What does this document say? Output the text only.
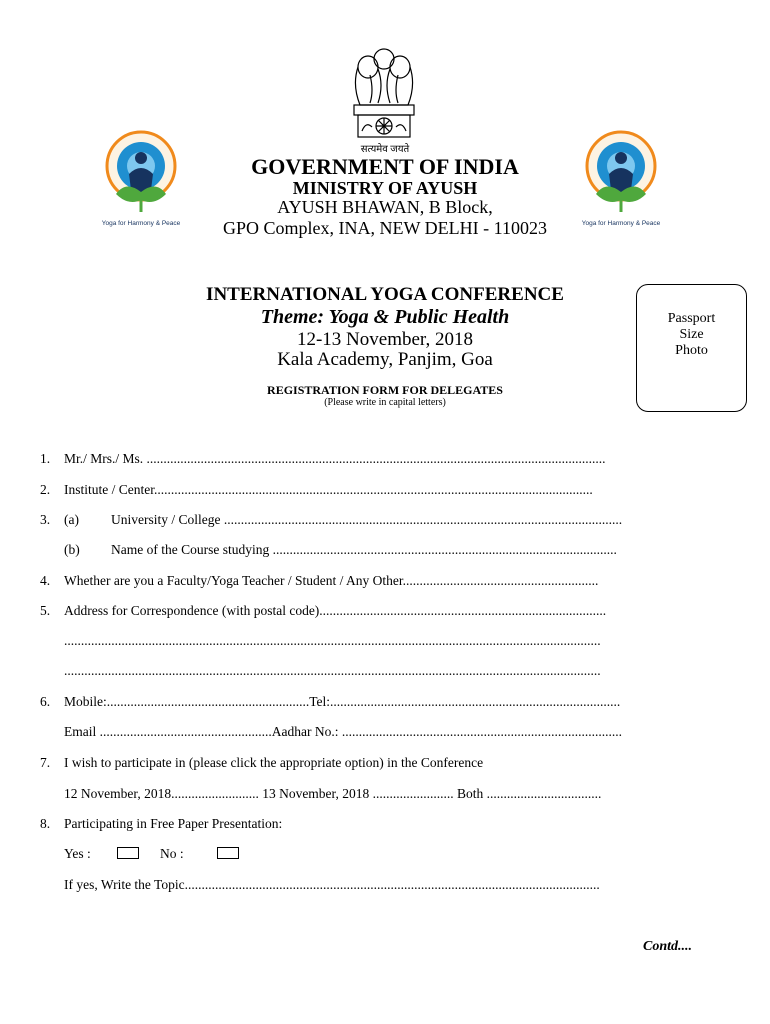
सत्यमेव जयते
Yoga for Harmony & Peace	Yoga for Harmony & Peace
GOVERNMENT OF INDIA
MINISTRY OF AYUSH
AYUSH BHAWAN, B Block,
GPO Complex, INA, NEW DELHI - 110023
INTERNATIONAL YOGA CONFERENCE
Theme: Yoga & Public Health
12-13 November, 2018
Kala Academy, Panjim, Goa
REGISTRATION FORM FOR DELEGATES
(Please write in capital letters)
Passport
Size
Photo
1. Mr./ Mrs./ Ms. ........................................................................................................................................
2. Institute / Center..................................................................................................................................
3. (a) University / College ......................................................................................................................
(b) Name of the Course studying ......................................................................................................
4. Whether are you a Faculty/Yoga Teacher / Student / Any Other..........................................................
5. Address for Correspondence (with postal code).....................................................................................
...............................................................................................................................................................
...............................................................................................................................................................
6. Mobile:............................................................Tel:......................................................................................
Email ...................................................Aadhar No.: ...................................................................................
7. I wish to participate in (please click the appropriate option) in the Conference
12 November, 2018.......................... 13 November, 2018 ........................ Both ..................................
8. Participating in Free Paper Presentation:
Yes :	No :
If yes, Write the Topic...........................................................................................................................
Contd....
